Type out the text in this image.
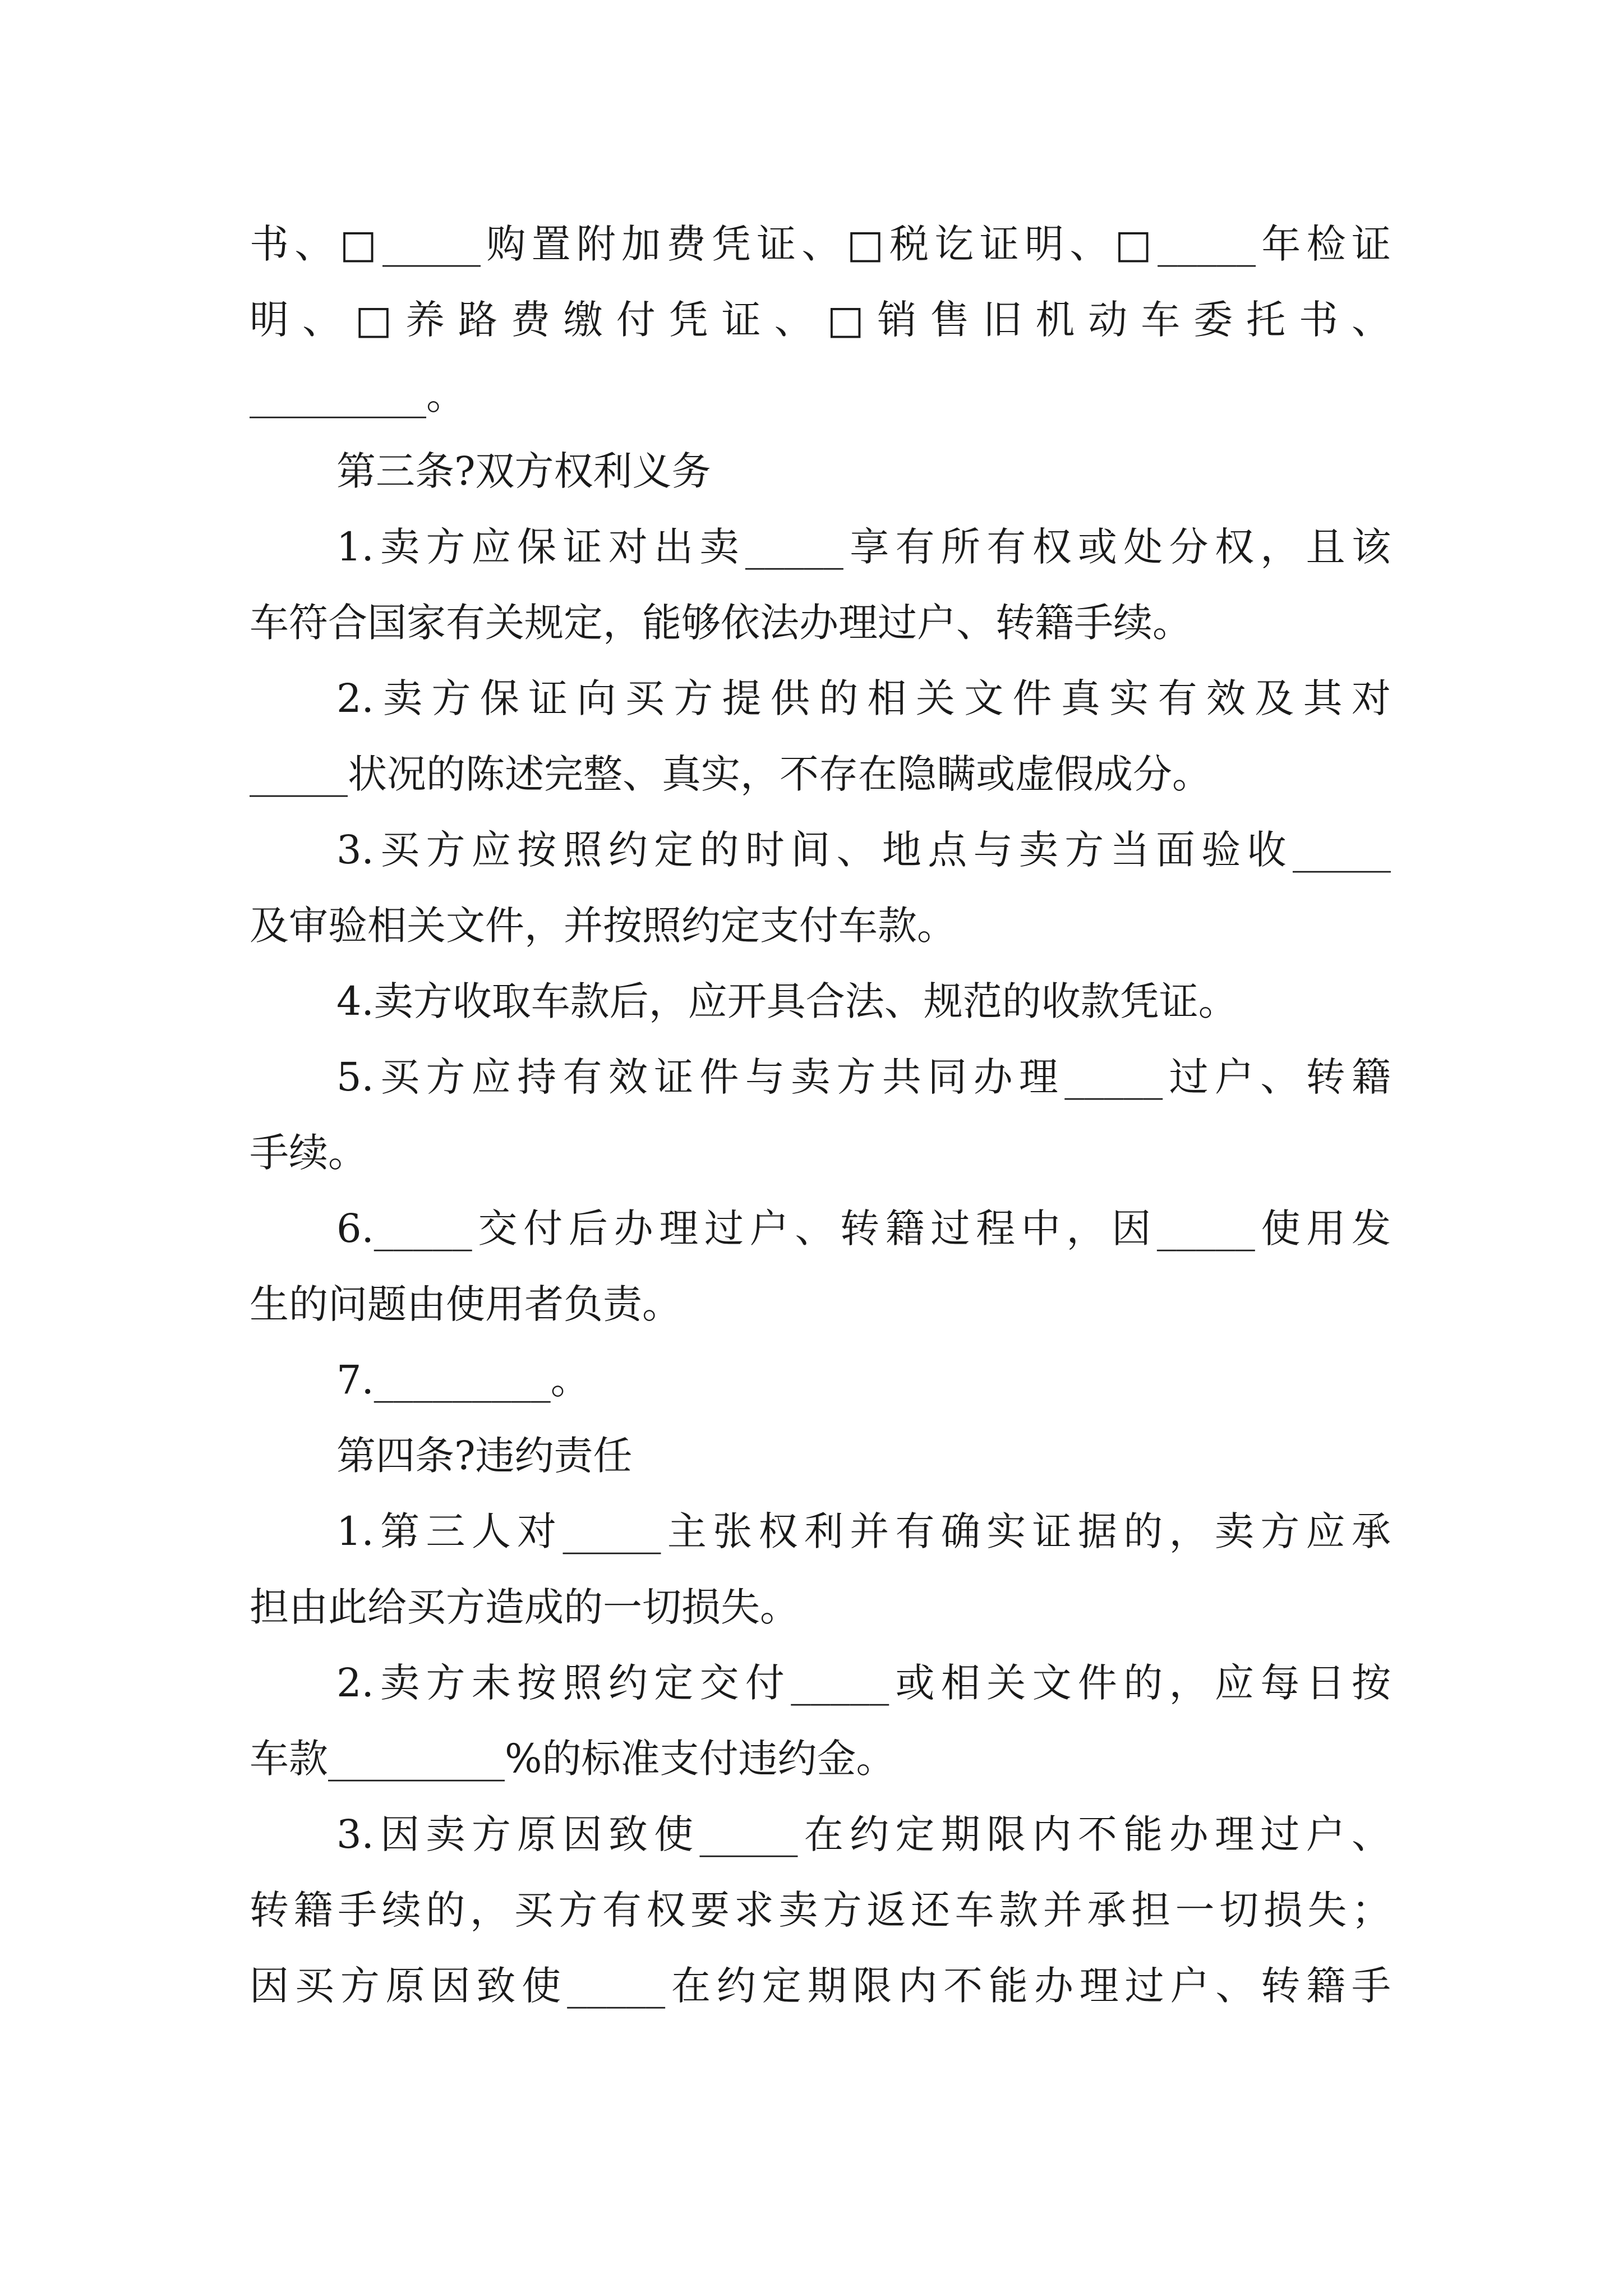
书、□_____购置附加费凭证、□税讫证明、□_____年检证
明、□养路费缴付凭证、□销售旧机动车委托书、
_________。
第三条?双方权利义务
1.卖方应保证对出卖_____享有所有权或处分权，且该
车符合国家有关规定，能够依法办理过户、转籍手续。
2.卖方保证向买方提供的相关文件真实有效及其对
_____状况的陈述完整、真实，不存在隐瞒或虚假成分。
3.买方应按照约定的时间、地点与卖方当面验收_____
及审验相关文件，并按照约定支付车款。
4.卖方收取车款后，应开具合法、规范的收款凭证。
5.买方应持有效证件与卖方共同办理_____过户、转籍
手续。
6._____交付后办理过户、转籍过程中，因_____使用发
生的问题由使用者负责。
7._________。
第四条?违约责任
1.第三人对_____主张权利并有确实证据的，卖方应承
担由此给买方造成的一切损失。
2.卖方未按照约定交付_____或相关文件的，应每日按
车款_________%的标准支付违约金。
3.因卖方原因致使_____在约定期限内不能办理过户、
转籍手续的，买方有权要求卖方返还车款并承担一切损失；
因买方原因致使_____在约定期限内不能办理过户、转籍手
